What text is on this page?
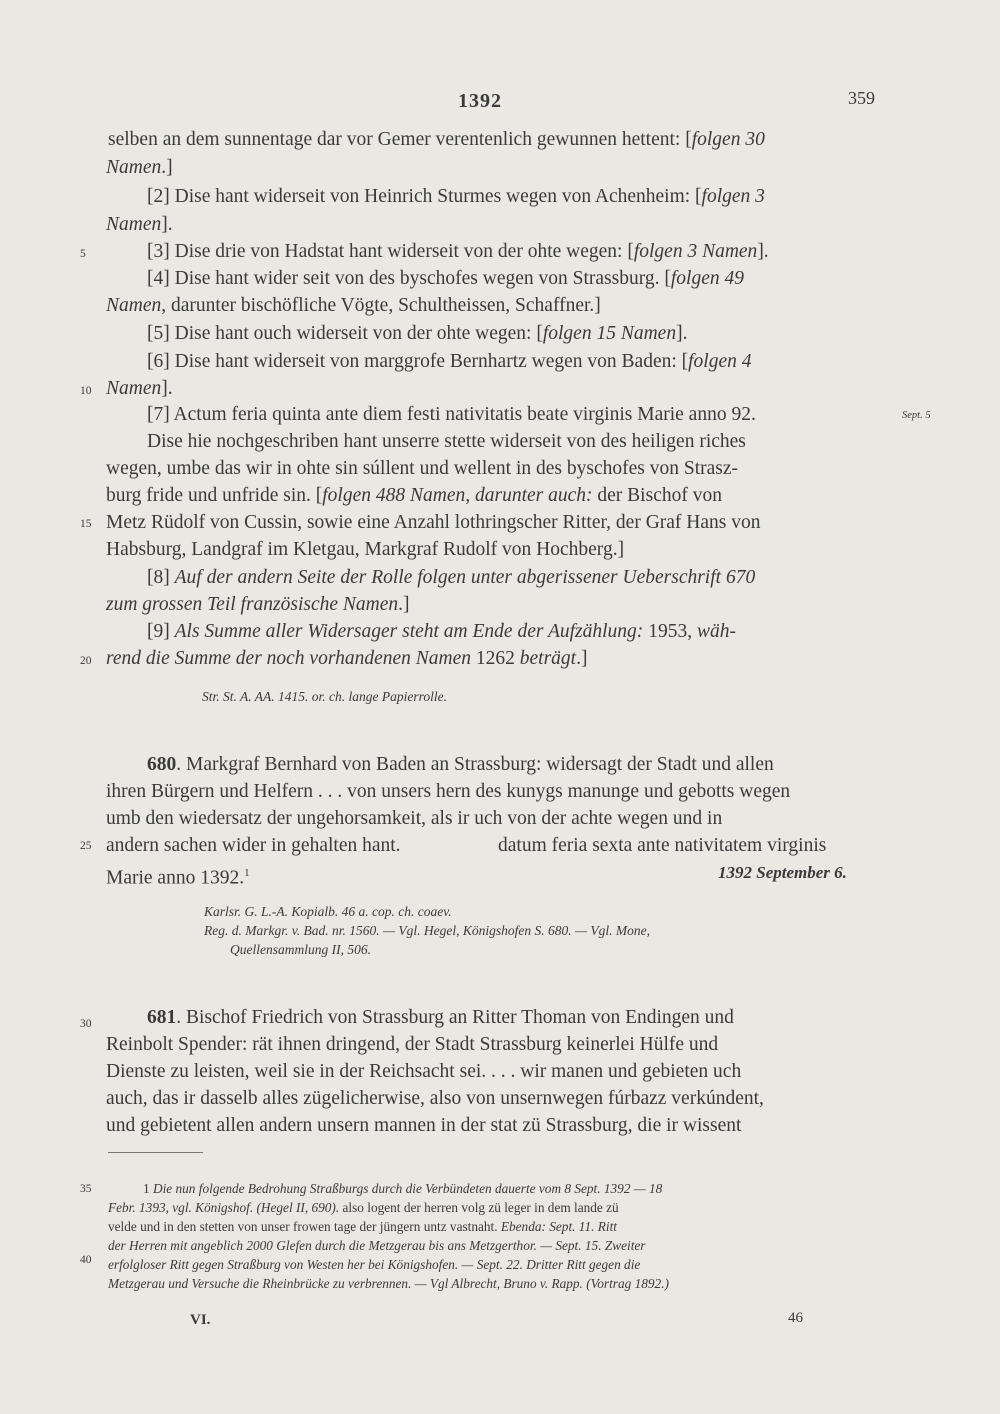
1392	359
5
10
15
20
25
30
35
40
selben an dem sunnentage dar vor Gemer verentenlich gewunnen hettent: [folgen 30
Namen.]
[2] Dise hant widerseit von Heinrich Sturmes wegen von Achenheim: [folgen 3
Namen].
[3] Dise drie von Hadstat hant widerseit von der ohte wegen: [folgen 3 Namen].
[4] Dise hant wider seit von des byschofes wegen von Strassburg. [folgen 49
Namen, darunter bischöfliche Vögte, Schultheissen, Schaffner.]
[5] Dise hant ouch widerseit von der ohte wegen: [folgen 15 Namen].
[6] Dise hant widerseit von marggrofe Bernhartz wegen von Baden: [folgen 4
Namen].
[7] Actum feria quinta ante diem festi nativitatis beate virginis Marie anno 92.	Sept. 5
Dise hie nochgeschriben hant unserre stette widerseit von des heiligen riches
wegen, umbe das wir in ohte sin súllent und wellent in des byschofes von Strasz-
burg fride und unfride sin. [folgen 488 Namen, darunter auch: der Bischof von
Metz Rüdolf von Cussin, sowie eine Anzahl lothringscher Ritter, der Graf Hans von
Habsburg, Landgraf im Kletgau, Markgraf Rudolf von Hochberg.]
[8] Auf der andern Seite der Rolle folgen unter abgerissener Ueberschrift 670
zum grossen Teil französische Namen.]
[9] Als Summe aller Widersager steht am Ende der Aufzählung: 1953, wäh-
rend die Summe der noch vorhandenen Namen 1262 beträgt.]
Str. St. A. AA. 1415. or. ch. lange Papierrolle.
680. Markgraf Bernhard von Baden an Strassburg: widersagt der Stadt und allen
ihren Bürgern und Helfern . . . von unsers hern des kunygs manunge und gebotts wegen
umb den wiedersatz der ungehorsamkeit, als ir uch von der achte wegen und in
andern sachen wider in gehalten hant.	datum feria sexta ante nativitatem virginis
Marie anno 1392.$^1$	1392 September 6.
Karlsr. G. L.-A. Kopialb. 46 a. cop. ch. coaev.
Reg. d. Markgr. v. Bad. nr. 1560. — Vgl. Hegel, Königshofen S. 680. — Vgl. Mone,
Quellensammlung II, 506.
681. Bischof Friedrich von Strassburg an Ritter Thoman von Endingen und
Reinbolt Spender: rät ihnen dringend, der Stadt Strassburg keinerlei Hülfe und
Dienste zu leisten, weil sie in der Reichsacht sei. . . . wir manen und gebieten uch
auch, das ir dasselb alles zügelicherwise, also von unsernwegen fúrbazz verkúndent,
und gebietent allen andern unsern mannen in der stat zü Strassburg, die ir wissent
1 Die nun folgende Bedrohung Straßburgs durch die Verbündeten dauerte vom 8 Sept. 1392 — 18
Febr. 1393, vgl. Königshof. (Hegel II, 690). also logent der herren volg zü leger in dem lande zü
velde und in den stetten von unser frowen tage der jüngern untz vastnaht. Ebenda: Sept. 11. Ritt
der Herren mit angeblich 2000 Glefen durch die Metzgerau bis ans Metzgerthor. — Sept. 15. Zweiter
erfolgloser Ritt gegen Straßburg von Westen her bei Königshofen. — Sept. 22. Dritter Ritt gegen die
Metzgerau und Versuche die Rheinbrücke zu verbrennen. — Vgl Albrecht, Bruno v. Rapp. (Vortrag 1892.)
VI.	46
